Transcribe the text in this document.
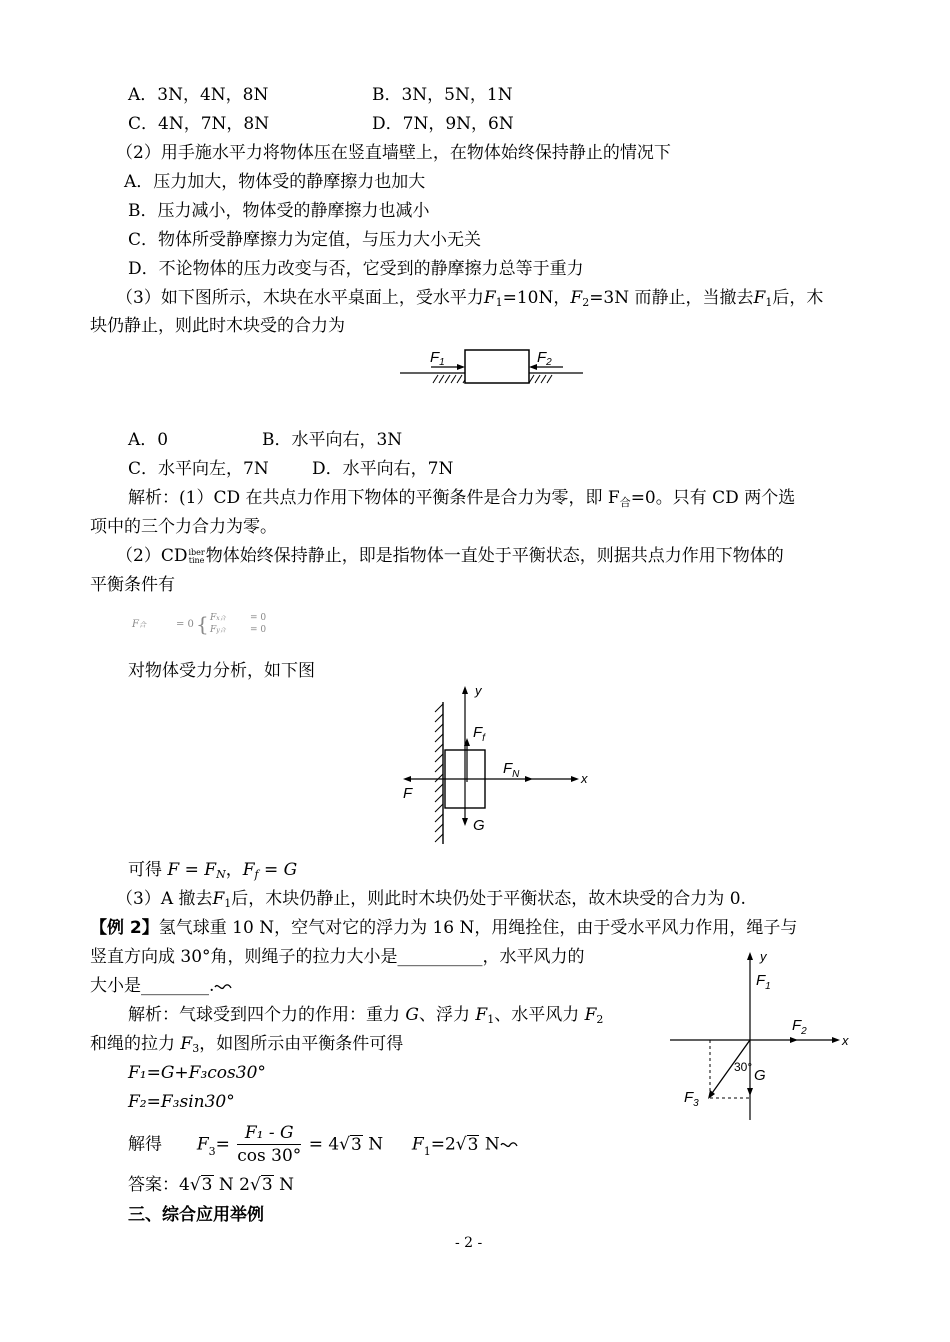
A．3N，4N，8N	B．3N，5N，1N
C．4N，7N，8N	D．7N，9N，6N
（2）用手施水平力将物体压在竖直墙壁上，在物体始终保持静止的情况下
A．压力加大，物体受的静摩擦力也加大
B．压力减小，物体受的静摩擦力也减小
C．物体所受静摩擦力为定值，与压力大小无关
D．不论物体的压力改变与否，它受到的静摩擦力总等于重力
（3）如下图所示，木块在水平桌面上，受水平力$F_1=10N$，$F_2=3N$ 而静止，当撤去$F_1$后，木
块仍静止，则此时木块受的合力为
$F_1$	$F_2$
A．0	B．水平向右，3N
C．水平向左，7N	D．水平向右，7N
解析：(1）CD 在共点力作用下物体的平衡条件是合力为零，即 $F_合=0$。只有 CD 两个选
项中的三个力合力为零。
（2）CD iber
tine 物体始终保持静止，即是指物体一直处于平衡状态，则据共点力作用下物体的
平衡条件有
F合	= 0 { Fx合	= 0
Fy合	= 0
对物体受力分析，如下图
y
x
$F_f$
$F_N$
F
G
可得 $F = F_N$，$F_f = G$
（3）A 撤去$F_1$后，木块仍静止，则此时木块仍处于平衡状态，故木块受的合力为 0.
【例 2】氢气球重 10 N，空气对它的浮力为 16 N，用绳拴住，由于受水平风力作用，绳子与
竖直方向成 30°角，则绳子的拉力大小是__________，水平风力的
大小是________.
解析：气球受到四个力的作用：重力 G、浮力 $F_1$、水平风力 $F_2$
和绳的拉力 $F_3$，如图所示由平衡条件可得
F₁=G+F₃cos30°
F₂=F₃sin30°
解得 $F_3= \frac{\text{F₁ - G}}{\cos 30^\circ} = 4√3$ N $F_1=2√3$ N
答案：4√3 N 2√3 N
三、综合应用举例
y
x
$F_1$
$F_2$
$F_3$
30° G
- 2 -
